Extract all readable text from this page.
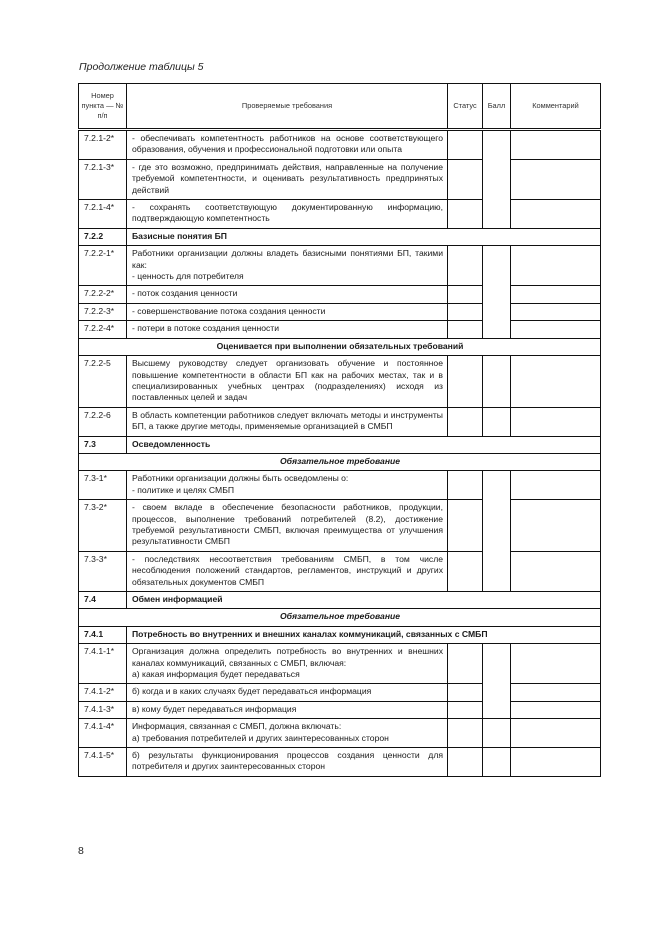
Продолжение таблицы 5
Номер пункта — № п/п	Проверяемые требования	Статус	Балл	Комментарий
7.2.1-2*	- обеспечивать компетентность работников на основе соответствующего образования, обучения и профессиональной подготовки или опыта			
7.2.1-3*	- где это возможно, предпринимать действия, направленные на получение требуемой компетентности, и оценивать результативность предпринятых действий			
7.2.1-4*	- сохранять соответствующую документированную информацию, подтверждающую компетентность			
7.2.2	Базисные понятия БП			
7.2.2-1*	Работники организации должны владеть базисными понятиями БП, такими как:
- ценность для потребителя			

7.2.2-2*	- поток создания ценности			
7.2.2-3*	- совершенствование потока создания ценности			
7.2.2-4*	- потери в потоке создания ценности			
Оценивается при выполнении обязательных требований				
7.2.2-5	Высшему руководству следует организовать обучение и постоянное повышение компетентности в области БП как на рабочих местах, так и в специализированных учебных центрах (подразделениях) исходя из поставленных целей и задач			
7.2.2-6	В область компетенции работников следует включать методы и инструменты БП, а также другие методы, применяемые организацией в СМБП			
7.3	Осведомленность			
Обязательное требование				
7.3-1*	Работники организации должны быть осведомлены о:
- политике и целях СМБП			

7.3-2*	- своем вкладе в обеспечение безопасности работников, продукции, процессов, выполнение требований потребителей (8.2), достижение требуемой результативности СМБП, включая преимущества от улучшения результативности СМБП			
7.3-3*	- последствиях несоответствия требованиям СМБП, в том числе несоблюдения положений стандартов, регламентов, инструкций и других обязательных документов СМБП			
7.4	Обмен информацией			
Обязательное требование				
7.4.1	Потребность во внутренних и внешних каналах коммуникаций, связанных с СМБП			
7.4.1-1*	Организация должна определить потребность во внутренних и внешних каналах коммуникаций, связанных с СМБП, включая:
а) какая информация будет передаваться			

7.4.1-2*	б) когда и в каких случаях будет передаваться информация			
7.4.1-3*	в) кому будет передаваться информация			
7.4.1-4*	Информация, связанная с СМБП, должна включать:
а) требования потребителей и других заинтересованных сторон			

7.4.1-5*	б) результаты функционирования процессов создания ценности для потребителя и других заинтересованных сторон			
8
